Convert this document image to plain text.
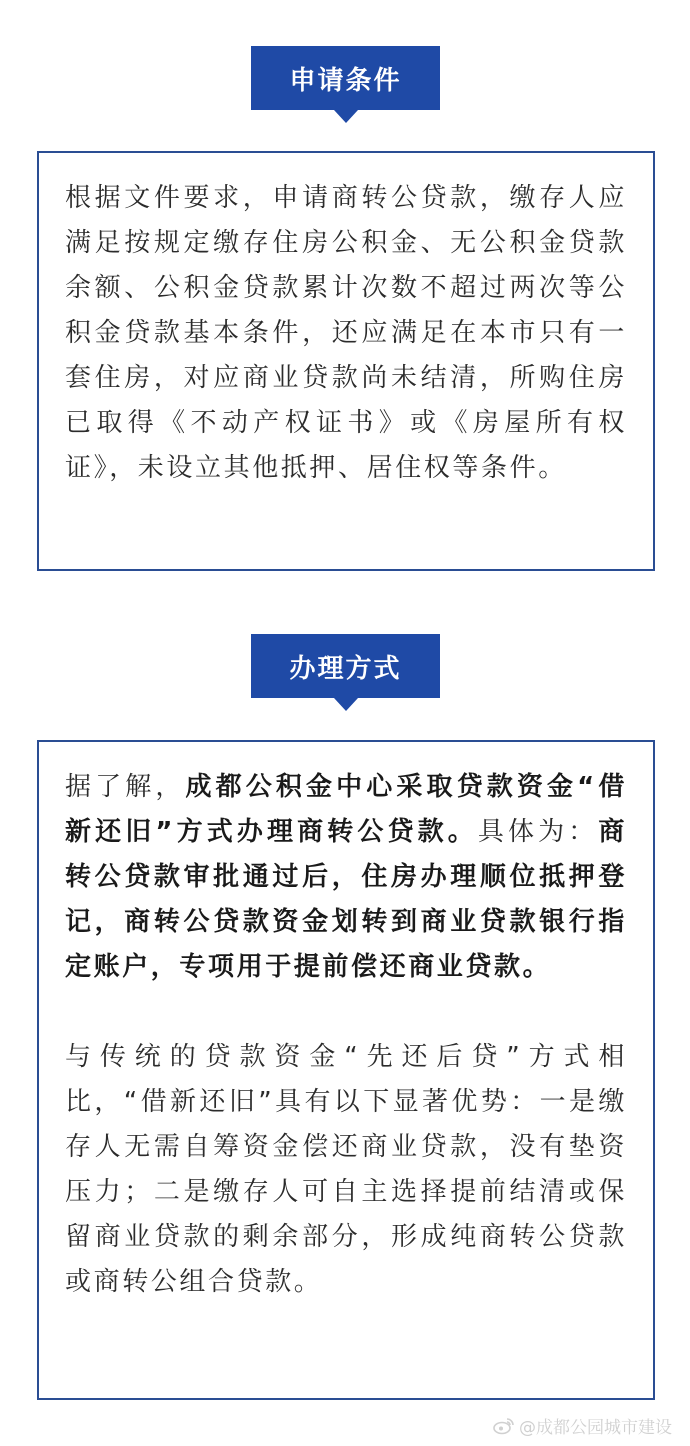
申请条件

根据文件要求，申请商转公贷款，缴存人应满足按规定缴存住房公积金、无公积金贷款余额、公积金贷款累计次数不超过两次等公积金贷款基本条件，还应满足在本市只有一套住房，对应商业贷款尚未结清，所购住房已取得《不动产权证书》或《房屋所有权证》，未设立其他抵押、居住权等条件。

办理方式

据了解，成都公积金中心采取贷款资金“借新还旧”方式办理商转公贷款。具体为：商转公贷款审批通过后，住房办理顺位抵押登记，商转公贷款资金划转到商业贷款银行指定账户，专项用于提前偿还商业贷款。

与传统的贷款资金“先还后贷”方式相比，“借新还旧”具有以下显著优势：一是缴存人无需自筹资金偿还商业贷款，没有垫资压力；二是缴存人可自主选择提前结清或保留商业贷款的剩余部分，形成纯商转公贷款或商转公组合贷款。

@成都公园城市建设
